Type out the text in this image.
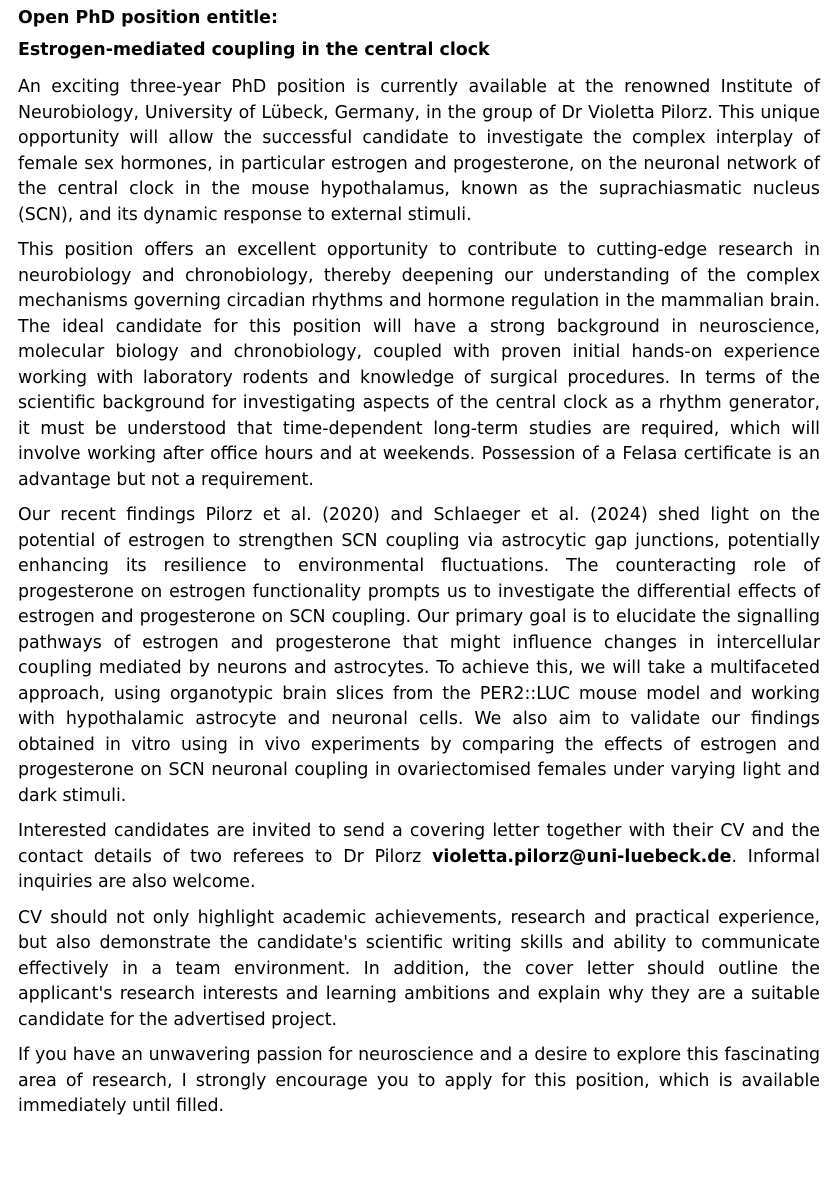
Open PhD position entitle:
Estrogen-mediated coupling in the central clock

An exciting three-year PhD position is currently available at the renowned Institute of Neurobiology, University of Lübeck, Germany, in the group of Dr Violetta Pilorz. This unique opportunity will allow the successful candidate to investigate the complex interplay of female sex hormones, in particular estrogen and progesterone, on the neuronal network of the central clock in the mouse hypothalamus, known as the suprachiasmatic nucleus (SCN), and its dynamic response to external stimuli.

This position offers an excellent opportunity to contribute to cutting-edge research in neurobiology and chronobiology, thereby deepening our understanding of the complex mechanisms governing circadian rhythms and hormone regulation in the mammalian brain. The ideal candidate for this position will have a strong background in neuroscience, molecular biology and chronobiology, coupled with proven initial hands-on experience working with laboratory rodents and knowledge of surgical procedures. In terms of the scientific background for investigating aspects of the central clock as a rhythm generator, it must be understood that time-dependent long-term studies are required, which will involve working after office hours and at weekends. Possession of a Felasa certificate is an advantage but not a requirement.

Our recent findings Pilorz et al. (2020) and Schlaeger et al. (2024) shed light on the potential of estrogen to strengthen SCN coupling via astrocytic gap junctions, potentially enhancing its resilience to environmental fluctuations. The counteracting role of progesterone on estrogen functionality prompts us to investigate the differential effects of estrogen and progesterone on SCN coupling. Our primary goal is to elucidate the signalling pathways of estrogen and progesterone that might influence changes in intercellular coupling mediated by neurons and astrocytes. To achieve this, we will take a multifaceted approach, using organotypic brain slices from the PER2::LUC mouse model and working with hypothalamic astrocyte and neuronal cells. We also aim to validate our findings obtained in vitro using in vivo experiments by comparing the effects of estrogen and progesterone on SCN neuronal coupling in ovariectomised females under varying light and dark stimuli.

Interested candidates are invited to send a covering letter together with their CV and the contact details of two referees to Dr Pilorz violetta.pilorz@uni-luebeck.de. Informal inquiries are also welcome.

CV should not only highlight academic achievements, research and practical experience, but also demonstrate the candidate's scientific writing skills and ability to communicate effectively in a team environment. In addition, the cover letter should outline the applicant's research interests and learning ambitions and explain why they are a suitable candidate for the advertised project.

If you have an unwavering passion for neuroscience and a desire to explore this fascinating area of research, I strongly encourage you to apply for this position, which is available immediately until filled.
